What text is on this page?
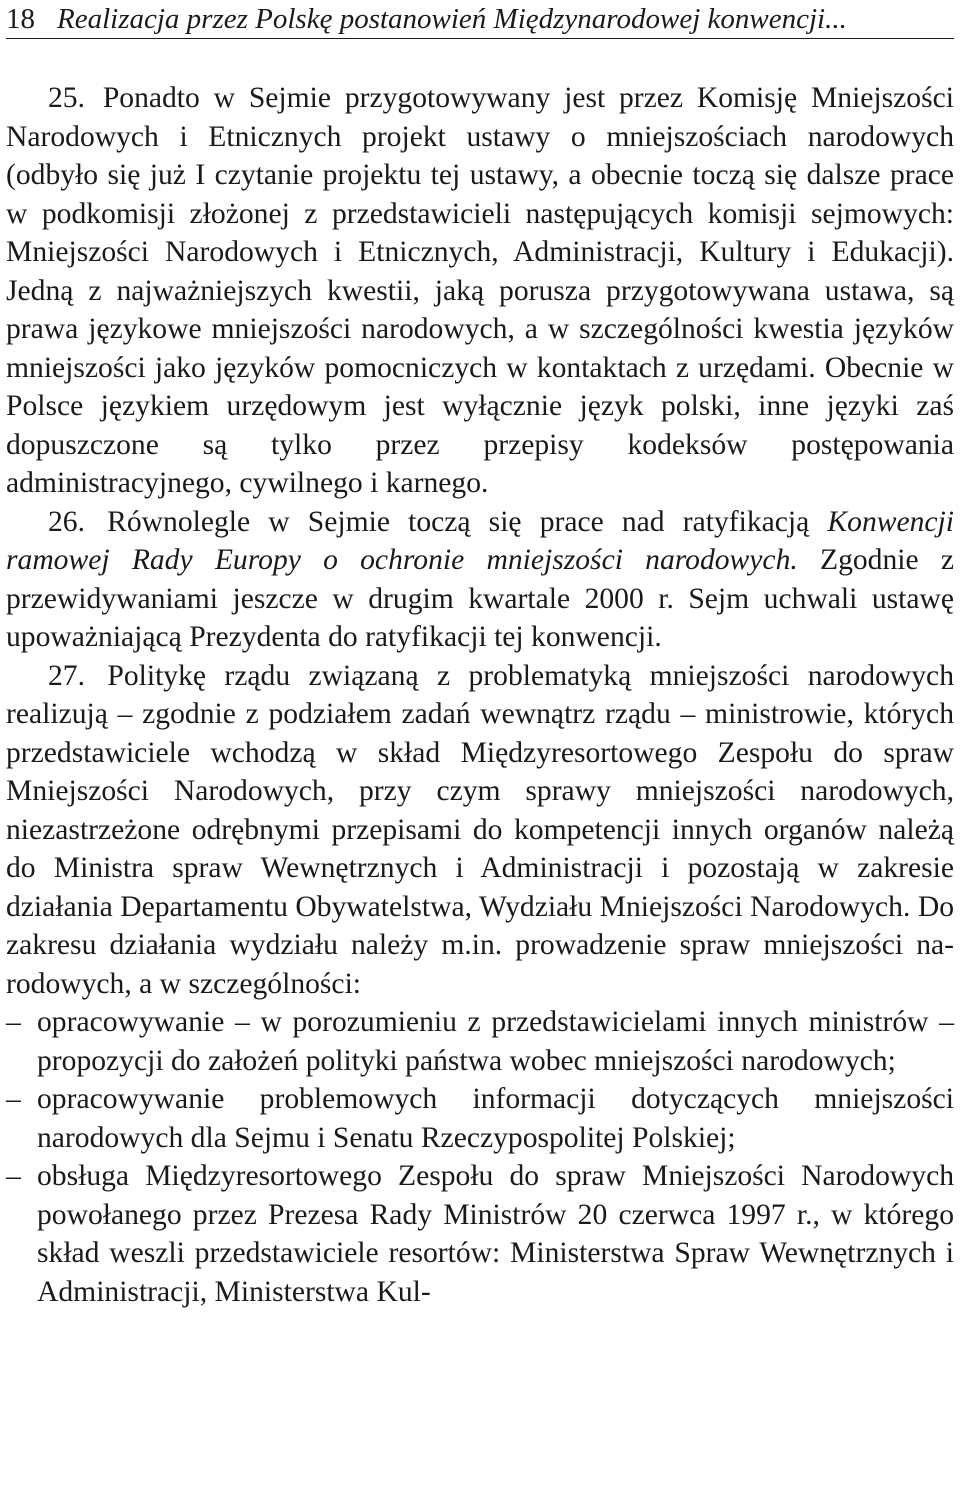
18 Realizacja przez Polskę postanowień Międzynarodowej konwencji...

25. Ponadto w Sejmie przygotowywany jest przez Komisję Mniejszości Narodowych i Etnicznych projekt ustawy o mniejszościach narodowych (odbyło się już I czytanie projektu tej ustawy, a obecnie toczą się dalsze prace w podkomisji złożonej z przedstawicieli następujących komisji sejmowych: Mniejszości Narodowych i Etnicznych, Administracji, Kultury i Edukacji). Jedną z najważniejszych kwestii, jaką porusza przygotowywana ustawa, są prawa językowe mniejszości narodowych, a w szczególności kwestia języków mniejszości jako języków pomocniczych w kontaktach z urzędami. Obecnie w Polsce językiem urzędowym jest wyłącznie język polski, inne języki zaś dopuszczone są tylko przez przepisy kodeksów postępowania administracyjnego, cywilnego i karnego.

26. Równolegle w Sejmie toczą się prace nad ratyfikacją Konwencji ramowej Rady Europy o ochronie mniejszości narodowych. Zgodnie z przewidywaniami jeszcze w drugim kwartale 2000 r. Sejm uchwali ustawę upoważniającą Prezydenta do ratyfikacji tej konwencji.

27. Politykę rządu związaną z problematyką mniejszości narodowych realizują – zgodnie z podziałem zadań wewnątrz rządu – ministrowie, których przedstawiciele wchodzą w skład Międzyresortowego Zespołu do spraw Mniejszości Narodowych, przy czym sprawy mniejszości narodowych, niezastrzeżone odrębnymi przepisami do kompetencji innych organów należą do Ministra spraw Wewnętrznych i Administracji i pozostają w zakresie działania Departamentu Obywatelstwa, Wydziału Mniejszości Narodowych. Do zakresu działania wydziału należy m.in. prowadzenie spraw mniejszości narodowych, a w szczególności:

– opracowywanie – w porozumieniu z przedstawicielami innych ministrów – propozycji do założeń polityki państwa wobec mniejszości narodowych;
– opracowywanie problemowych informacji dotyczących mniejszości narodowych dla Sejmu i Senatu Rzeczypospolitej Polskiej;
– obsługa Międzyresortowego Zespołu do spraw Mniejszości Narodowych powołanego przez Prezesa Rady Ministrów 20 czerwca 1997 r., w którego skład weszli przedstawiciele resortów: Ministerstwa Spraw Wewnętrznych i Administracji, Ministerstwa Kul-
